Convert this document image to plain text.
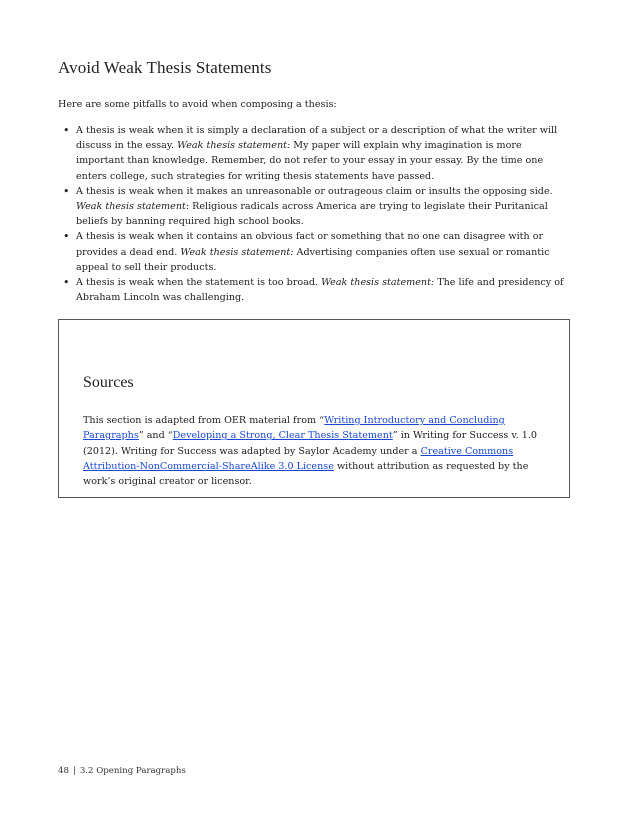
Avoid Weak Thesis Statements

Here are some pitfalls to avoid when composing a thesis:

• A thesis is weak when it is simply a declaration of a subject or a description of what the writer will discuss in the essay. Weak thesis statement: My paper will explain why imagination is more important than knowledge. Remember, do not refer to your essay in your essay. By the time one enters college, such strategies for writing thesis statements have passed.
• A thesis is weak when it makes an unreasonable or outrageous claim or insults the opposing side. Weak thesis statement: Religious radicals across America are trying to legislate their Puritanical beliefs by banning required high school books.
• A thesis is weak when it contains an obvious fact or something that no one can disagree with or provides a dead end. Weak thesis statement: Advertising companies often use sexual or romantic appeal to sell their products.
• A thesis is weak when the statement is too broad. Weak thesis statement: The life and presidency of Abraham Lincoln was challenging.
Sources

This section is adapted from OER material from “Writing Introductory and Concluding Paragraphs” and “Developing a Strong, Clear Thesis Statement” in Writing for Success v. 1.0 (2012). Writing for Success was adapted by Saylor Academy under a Creative Commons Attribution-NonCommercial-ShareAlike 3.0 License without attribution as requested by the work’s original creator or licensor.

48 | 3.2 Opening Paragraphs
